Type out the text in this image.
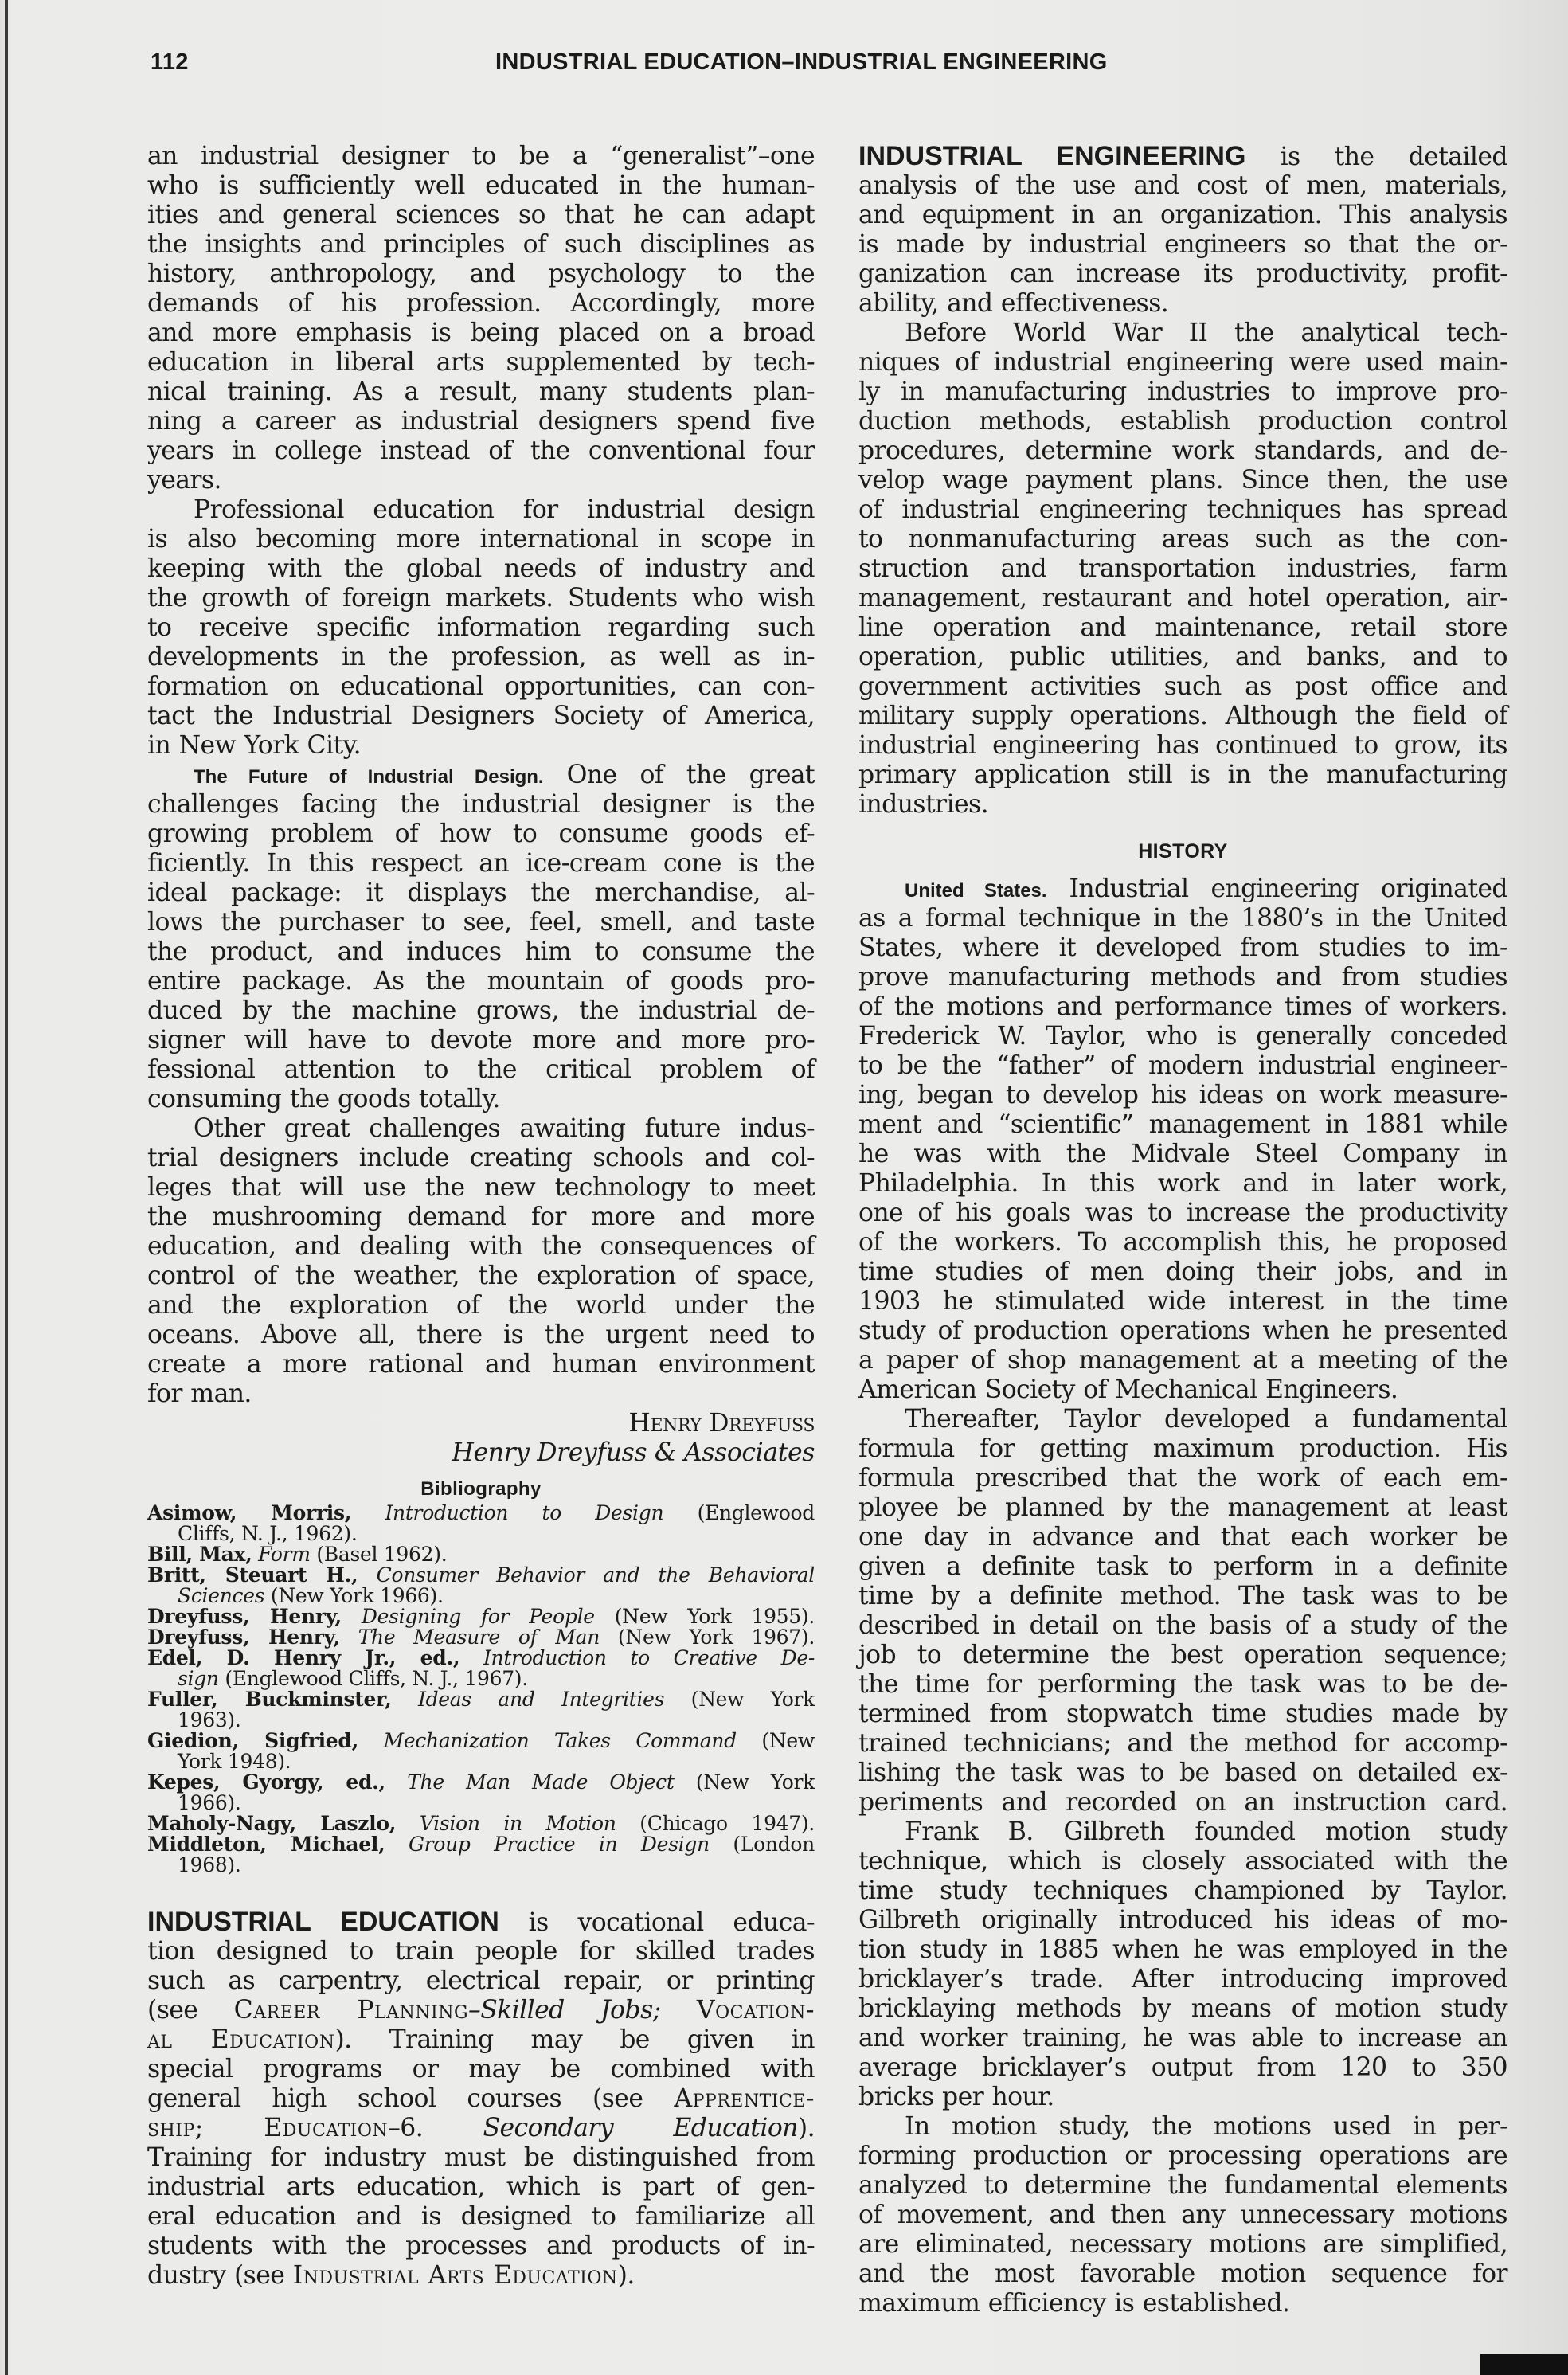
112	INDUSTRIAL EDUCATION–INDUSTRIAL ENGINEERING
an industrial designer to be a “generalist”–one
who is sufficiently well educated in the human-
ities and general sciences so that he can adapt
the insights and principles of such disciplines as
history, anthropology, and psychology to the
demands of his profession. Accordingly, more
and more emphasis is being placed on a broad
education in liberal arts supplemented by tech-
nical training. As a result, many students plan-
ning a career as industrial designers spend five
years in college instead of the conventional four
years.
Professional education for industrial design
is also becoming more international in scope in
keeping with the global needs of industry and
the growth of foreign markets. Students who wish
to receive specific information regarding such
developments in the profession, as well as in-
formation on educational opportunities, can con-
tact the Industrial Designers Society of America,
in New York City.
The Future of Industrial Design. One of the great
challenges facing the industrial designer is the
growing problem of how to consume goods ef-
ficiently. In this respect an ice-cream cone is the
ideal package: it displays the merchandise, al-
lows the purchaser to see, feel, smell, and taste
the product, and induces him to consume the
entire package. As the mountain of goods pro-
duced by the machine grows, the industrial de-
signer will have to devote more and more pro-
fessional attention to the critical problem of
consuming the goods totally.
Other great challenges awaiting future indus-
trial designers include creating schools and col-
leges that will use the new technology to meet
the mushrooming demand for more and more
education, and dealing with the consequences of
control of the weather, the exploration of space,
and the exploration of the world under the
oceans. Above all, there is the urgent need to
create a more rational and human environment
for man.
Henry Dreyfuss
Henry Dreyfuss & Associates
Bibliography
Asimow, Morris, Introduction to Design (Englewood
Cliffs, N. J., 1962).
Bill, Max, Form (Basel 1962).
Britt, Steuart H., Consumer Behavior and the Behavioral
Sciences (New York 1966).
Dreyfuss, Henry, Designing for People (New York 1955).
Dreyfuss, Henry, The Measure of Man (New York 1967).
Edel, D. Henry Jr., ed., Introduction to Creative De-
sign (Englewood Cliffs, N. J., 1967).
Fuller, Buckminster, Ideas and Integrities (New York
1963).
Giedion, Sigfried, Mechanization Takes Command (New
York 1948).
Kepes, Gyorgy, ed., The Man Made Object (New York
1966).
Maholy-Nagy, Laszlo, Vision in Motion (Chicago 1947).
Middleton, Michael, Group Practice in Design (London
1968).
INDUSTRIAL EDUCATION is vocational educa-
tion designed to train people for skilled trades
such as carpentry, electrical repair, or printing
(see Career Planning–Skilled Jobs; Vocation-
al Education). Training may be given in
special programs or may be combined with
general high school courses (see Apprentice-
ship; Education–6. Secondary Education).
Training for industry must be distinguished from
industrial arts education, which is part of gen-
eral education and is designed to familiarize all
students with the processes and products of in-
dustry (see Industrial Arts Education).
INDUSTRIAL ENGINEERING is the detailed
analysis of the use and cost of men, materials,
and equipment in an organization. This analysis
is made by industrial engineers so that the or-
ganization can increase its productivity, profit-
ability, and effectiveness.
Before World War II the analytical tech-
niques of industrial engineering were used main-
ly in manufacturing industries to improve pro-
duction methods, establish production control
procedures, determine work standards, and de-
velop wage payment plans. Since then, the use
of industrial engineering techniques has spread
to nonmanufacturing areas such as the con-
struction and transportation industries, farm
management, restaurant and hotel operation, air-
line operation and maintenance, retail store
operation, public utilities, and banks, and to
government activities such as post office and
military supply operations. Although the field of
industrial engineering has continued to grow, its
primary application still is in the manufacturing
industries.
HISTORY
United States. Industrial engineering originated
as a formal technique in the 1880’s in the United
States, where it developed from studies to im-
prove manufacturing methods and from studies
of the motions and performance times of workers.
Frederick W. Taylor, who is generally conceded
to be the “father” of modern industrial engineer-
ing, began to develop his ideas on work measure-
ment and “scientific” management in 1881 while
he was with the Midvale Steel Company in
Philadelphia. In this work and in later work,
one of his goals was to increase the productivity
of the workers. To accomplish this, he proposed
time studies of men doing their jobs, and in
1903 he stimulated wide interest in the time
study of production operations when he presented
a paper of shop management at a meeting of the
American Society of Mechanical Engineers.
Thereafter, Taylor developed a fundamental
formula for getting maximum production. His
formula prescribed that the work of each em-
ployee be planned by the management at least
one day in advance and that each worker be
given a definite task to perform in a definite
time by a definite method. The task was to be
described in detail on the basis of a study of the
job to determine the best operation sequence;
the time for performing the task was to be de-
termined from stopwatch time studies made by
trained technicians; and the method for accomp-
lishing the task was to be based on detailed ex-
periments and recorded on an instruction card.
Frank B. Gilbreth founded motion study
technique, which is closely associated with the
time study techniques championed by Taylor.
Gilbreth originally introduced his ideas of mo-
tion study in 1885 when he was employed in the
bricklayer’s trade. After introducing improved
bricklaying methods by means of motion study
and worker training, he was able to increase an
average bricklayer’s output from 120 to 350
bricks per hour.
In motion study, the motions used in per-
forming production or processing operations are
analyzed to determine the fundamental elements
of movement, and then any unnecessary motions
are eliminated, necessary motions are simplified,
and the most favorable motion sequence for
maximum efficiency is established.
